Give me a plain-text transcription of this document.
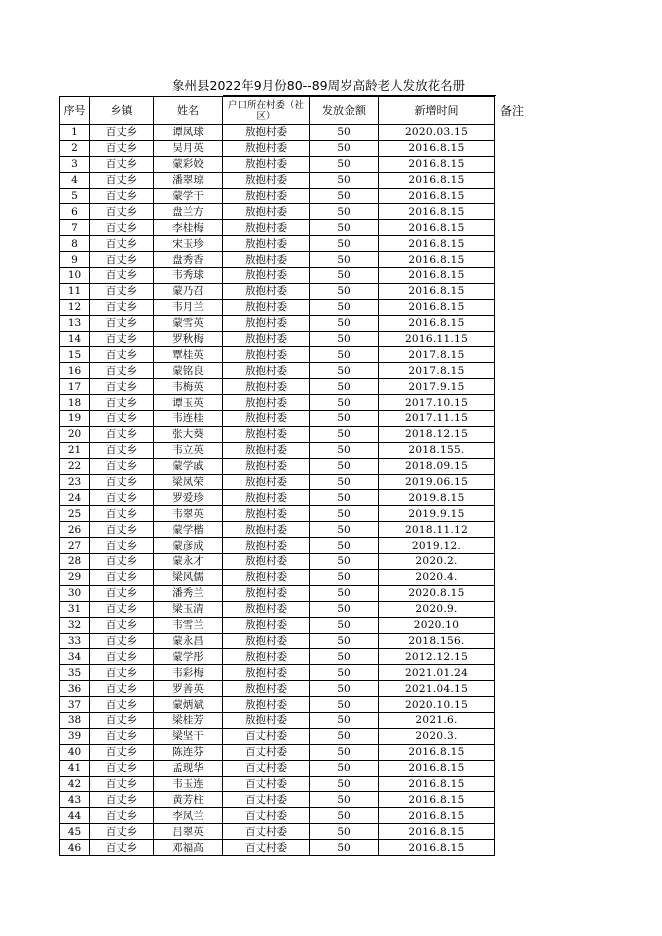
象州县2022年9月份80--89周岁高龄老人发放花名册
备注
序号	乡镇	姓名	户口所在村委（社区）	发放金额	新增时间
1	百丈乡	谭凤球	敖抱村委	50	2020.03.15
2	百丈乡	吴月英	敖抱村委	50	2016.8.15
3	百丈乡	蒙彩姣	敖抱村委	50	2016.8.15
4	百丈乡	潘翠琼	敖抱村委	50	2016.8.15
5	百丈乡	蒙学干	敖抱村委	50	2016.8.15
6	百丈乡	盘兰方	敖抱村委	50	2016.8.15
7	百丈乡	李桂梅	敖抱村委	50	2016.8.15
8	百丈乡	宋玉珍	敖抱村委	50	2016.8.15
9	百丈乡	盘秀香	敖抱村委	50	2016.8.15
10	百丈乡	韦秀球	敖抱村委	50	2016.8.15
11	百丈乡	蒙乃召	敖抱村委	50	2016.8.15
12	百丈乡	韦月兰	敖抱村委	50	2016.8.15
13	百丈乡	蒙雪英	敖抱村委	50	2016.8.15
14	百丈乡	罗秋梅	敖抱村委	50	2016.11.15
15	百丈乡	覃桂英	敖抱村委	50	2017.8.15
16	百丈乡	蒙铭良	敖抱村委	50	2017.8.15
17	百丈乡	韦梅英	敖抱村委	50	2017.9.15
18	百丈乡	谭玉英	敖抱村委	50	2017.10.15
19	百丈乡	韦连桂	敖抱村委	50	2017.11.15
20	百丈乡	张大葵	敖抱村委	50	2018.12.15
21	百丈乡	韦立英	敖抱村委	50	2018.155.
22	百丈乡	蒙学戚	敖抱村委	50	2018.09.15
23	百丈乡	梁凤荣	敖抱村委	50	2019.06.15
24	百丈乡	罗爱珍	敖抱村委	50	2019.8.15
25	百丈乡	韦翠英	敖抱村委	50	2019.9.15
26	百丈乡	蒙学楷	敖抱村委	50	2018.11.12
27	百丈乡	蒙彦成	敖抱村委	50	2019.12.
28	百丈乡	蒙永才	敖抱村委	50	2020.2.
29	百丈乡	梁风儒	敖抱村委	50	2020.4.
30	百丈乡	潘秀兰	敖抱村委	50	2020.8.15
31	百丈乡	梁玉清	敖抱村委	50	2020.9.
32	百丈乡	韦雪兰	敖抱村委	50	2020.10
33	百丈乡	蒙永昌	敖抱村委	50	2018.156.
34	百丈乡	蒙学彤	敖抱村委	50	2012.12.15
35	百丈乡	韦彩梅	敖抱村委	50	2021.01.24
36	百丈乡	罗善英	敖抱村委	50	2021.04.15
37	百丈乡	蒙炳斌	敖抱村委	50	2020.10.15
38	百丈乡	梁桂芳	敖抱村委	50	2021.6.
39	百丈乡	梁坚干	百丈村委	50	2020.3.
40	百丈乡	陈连芬	百丈村委	50	2016.8.15
41	百丈乡	孟现华	百丈村委	50	2016.8.15
42	百丈乡	韦玉连	百丈村委	50	2016.8.15
43	百丈乡	黄芳柱	百丈村委	50	2016.8.15
44	百丈乡	李凤兰	百丈村委	50	2016.8.15
45	百丈乡	吕翠英	百丈村委	50	2016.8.15
46	百丈乡	邓福高	百丈村委	50	2016.8.15
